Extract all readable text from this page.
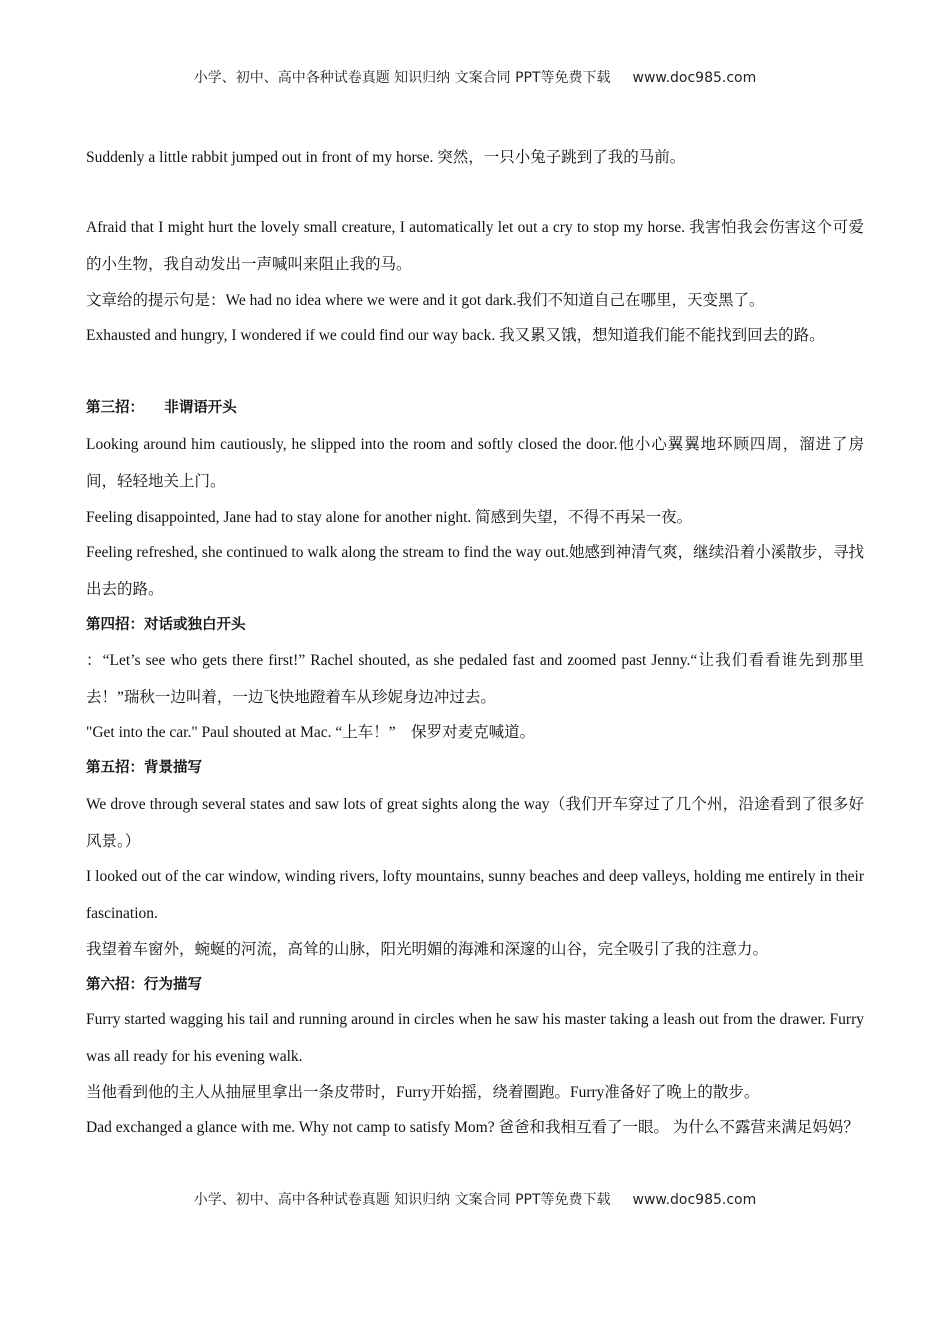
小学、初中、高中各种试卷真题 知识归纳 文案合同 PPT等免费下载 www.doc985.com

Suddenly a little rabbit jumped out in front of my horse. 突然，一只小兔子跳到了我的马前。

Afraid that I might hurt the lovely small creature, I automatically let out a cry to stop my horse. 我害怕我会伤害这个可爱的小生物，我自动发出一声喊叫来阻止我的马。

文章给的提示句是：We had no idea where we were and it got dark.我们不知道自己在哪里，天变黑了。

Exhausted and hungry, I wondered if we could find our way back. 我又累又饿，想知道我们能不能找到回去的路。

第三招：    非谓语开头

Looking around him cautiously, he slipped into the room and softly closed the door.他小心翼翼地环顾四周，溜进了房间，轻轻地关上门。

Feeling disappointed, Jane had to stay alone for another night. 简感到失望，不得不再呆一夜。

Feeling refreshed, she continued to walk along the stream to find the way out.她感到神清气爽，继续沿着小溪散步，寻找出去的路。

第四招：对话或独白开头

：“Let’s see who gets there first!” Rachel shouted, as she pedaled fast and zoomed past Jenny.“让我们看看谁先到那里去！”瑞秋一边叫着，一边飞快地蹬着车从珍妮身边冲过去。

"Get into the car." Paul shouted at Mac. “上车！”    保罗对麦克喊道。

第五招：背景描写

We drove through several states and saw lots of great sights along the way（我们开车穿过了几个州，沿途看到了很多好风景。）

I looked out of the car window, winding rivers, lofty mountains, sunny beaches and deep valleys, holding me entirely in their fascination.

我望着车窗外，蜿蜒的河流，高耸的山脉，阳光明媚的海滩和深邃的山谷，完全吸引了我的注意力。

第六招：行为描写

Furry started wagging his tail and running around in circles when he saw his master taking a leash out from the drawer. Furry was all ready for his evening walk.

当他看到他的主人从抽屉里拿出一条皮带时，Furry开始摇，绕着圈跑。Furry准备好了晚上的散步。

Dad exchanged a glance with me. Why not camp to satisfy Mom? 爸爸和我相互看了一眼。 为什么不露营来满足妈妈？

小学、初中、高中各种试卷真题 知识归纳 文案合同 PPT等免费下载 www.doc985.com
